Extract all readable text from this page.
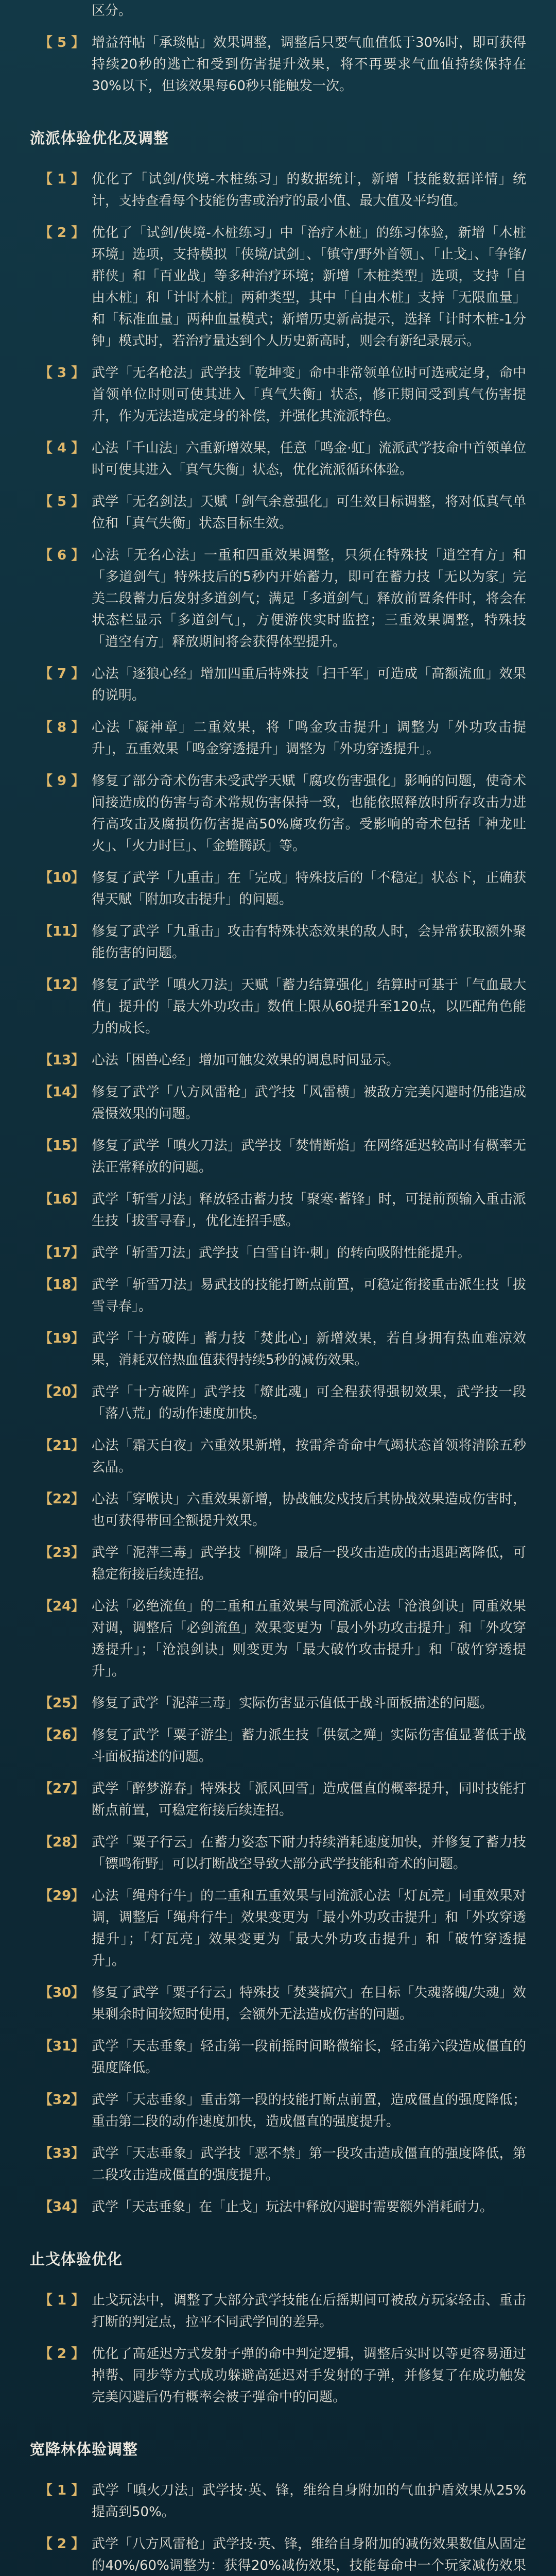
区分。
【 5 】 增益符帖「承琰帖」效果调整，调整后只要气血值低于30%时，即可获得持续20秒的逃亡和受到伤害提升效果，将不再要求气血值持续保持在30%以下，但该效果每60秒只能触发一次。
流派体验优化及调整
【 1 】 优化了「试剑/侠境-木桩练习」的数据统计，新增「技能数据详情」统计，支持查看每个技能伤害或治疗的最小值、最大值及平均值。
【 2 】 优化了「试剑/侠境-木桩练习」中「治疗木桩」的练习体验，新增「木桩环境」选项，支持模拟「侠境/试剑」、「镇守/野外首领」、「止戈」、「争锋/群侠」和「百业战」等多种治疗环境；新增「木桩类型」选项，支持「自由木桩」和「计时木桩」两种类型，其中「自由木桩」支持「无限血量」和「标准血量」两种血量模式；新增历史新高提示，选择「计时木桩-1分钟」模式时，若治疗量达到个人历史新高时，则会有新纪录展示。
【 3 】 武学「无名枪法」武学技「乾坤变」命中非常领单位时可选戒定身，命中首领单位时则可使其进入「真气失衡」状态，修正期间受到真气伤害提升，作为无法造成定身的补偿，并强化其流派特色。
【 4 】 心法「千山法」六重新增效果，任意「鸣金·虹」流派武学技命中首领单位时可使其进入「真气失衡」状态，优化流派循环体验。
【 5 】 武学「无名剑法」天赋「剑气余意强化」可生效目标调整，将对低真气单位和「真气失衡」状态目标生效。
【 6 】 心法「无名心法」一重和四重效果调整，只须在特殊技「逍空有方」和「多道剑气」特殊技后的5秒内开始蓄力，即可在蓄力技「无以为家」完美二段蓄力后发射多道剑气；满足「多道剑气」释放前置条件时，将会在状态栏显示「多道剑气」，方便游侠实时监控；三重效果调整，特殊技「逍空有方」释放期间将会获得体型提升。
【 7 】 心法「逐狼心经」增加四重后特殊技「扫千军」可造成「高额流血」效果的说明。
【 8 】 心法「凝神章」二重效果，将「鸣金攻击提升」调整为「外功攻击提升」，五重效果「鸣金穿透提升」调整为「外功穿透提升」。
【 9 】 修复了部分奇术伤害未受武学天赋「腐攻伤害强化」影响的问题，使奇术间接造成的伤害与奇术常规伤害保持一致，也能依照释放时所存攻击力进行高攻击及腐损伤伤害提高50%腐攻伤害。受影响的奇术包括「神龙吐火」、「火力时巨」、「金蟾腾跃」等。
【10】 修复了武学「九重击」在「完成」特殊技后的「不稳定」状态下，正确获得天赋「附加攻击提升」的问题。
【11】 修复了武学「九重击」攻击有特殊状态效果的敌人时，会异常获取额外聚能伤害的问题。
【12】 修复了武学「嗔火刀法」天赋「蓄力结算强化」结算时可基于「气血最大值」提升的「最大外功攻击」数值上限从60提升至120点，以匹配角色能力的成长。
【13】 心法「困兽心经」增加可触发效果的调息时间显示。
【14】 修复了武学「八方风雷枪」武学技「风雷横」被敌方完美闪避时仍能造成震慑效果的问题。
【15】 修复了武学「嗔火刀法」武学技「焚情断焰」在网络延迟较高时有概率无法正常释放的问题。
【16】 武学「斩雪刀法」释放轻击蓄力技「聚寒·蓄锋」时，可提前预输入重击派生技「拔雪寻春」，优化连招手感。
【17】 武学「斩雪刀法」武学技「白雪自许·刺」的转向吸附性能提升。
【18】 武学「斩雪刀法」易武技的技能打断点前置，可稳定衔接重击派生技「拔雪寻春」。
【19】 武学「十方破阵」蓄力技「焚此心」新增效果，若自身拥有热血难凉效果，消耗双倍热血值获得持续5秒的减伤效果。
【20】 武学「十方破阵」武学技「燎此魂」可全程获得强韧效果，武学技一段「落八荒」的动作速度加快。
【21】 心法「霜天白夜」六重效果新增，按雷斧奇命中气竭状态首领将清除五秒玄晶。
【22】 心法「穿喉诀」六重效果新增，协战触发戍技后其协战效果造成伤害时，也可获得带回全额提升效果。
【23】 武学「泥萍三毒」武学技「柳降」最后一段攻击造成的击退距离降低，可稳定衔接后续连招。
【24】 心法「必绝流鱼」的二重和五重效果与同流派心法「沧浪剑诀」同重效果对调，调整后「必剑流鱼」效果变更为「最小外功攻击提升」和「外攻穿透提升」；「沧浪剑诀」则变更为「最大破竹攻击提升」和「破竹穿透提升」。
【25】 修复了武学「泥萍三毒」实际伤害显示值低于战斗面板描述的问题。
【26】 修复了武学「粟子游尘」蓄力派生技「供氨之殚」实际伤害值显著低于战斗面板描述的问题。
【27】 武学「醉梦游春」特殊技「派风回雪」造成僵直的概率提升，同时技能打断点前置，可稳定衔接后续连招。
【28】 武学「粟子行云」在蓄力姿态下耐力持续消耗速度加快，并修复了蓄力技「镖鸣衔野」可以打断战空导致大部分武学技能和奇术的问题。
【29】 心法「绳舟行牛」的二重和五重效果与同流派心法「灯瓦亮」同重效果对调，调整后「绳舟行牛」效果变更为「最小外功攻击提升」和「外攻穿透提升」；「灯瓦亮」效果变更为「最大外功攻击提升」和「破竹穿透提升」。
【30】 修复了武学「粟子行云」特殊技「焚葵搞穴」在目标「失魂落魄/失魂」效果剩余时间较短时使用，会额外无法造成伤害的问题。
【31】 武学「天志垂象」轻击第一段前摇时间略微缩长，轻击第六段造成僵直的强度降低。
【32】 武学「天志垂象」重击第一段的技能打断点前置，造成僵直的强度降低；重击第二段的动作速度加快，造成僵直的强度提升。
【33】 武学「天志垂象」武学技「恶不禁」第一段攻击造成僵直的强度降低，第二段攻击造成僵直的强度提升。
【34】 武学「天志垂象」在「止戈」玩法中释放闪避时需要额外消耗耐力。
止戈体验优化
【 1 】 止戈玩法中，调整了大部分武学技能在后摇期间可被敌方玩家轻击、重击打断的判定点，拉平不同武学间的差异。
【 2 】 优化了高延迟方式发射子弹的命中判定逻辑，调整后实时以等更容易通过掉帮、同步等方式成功躲避高延迟对手发射的子弹，并修复了在成功触发完美闪避后仍有概率会被子弹命中的问题。
宽降林体验调整
【 1 】 武学「嗔火刀法」武学技·英、锋，维给自身附加的气血护盾效果从25%提高到50%。
【 2 】 武学「八方风雷枪」武学技·英、锋，维给自身附加的减伤效果数值从固定的40%/60%调整为：获得20%减伤效果，技能每命中一个玩家减伤效果
